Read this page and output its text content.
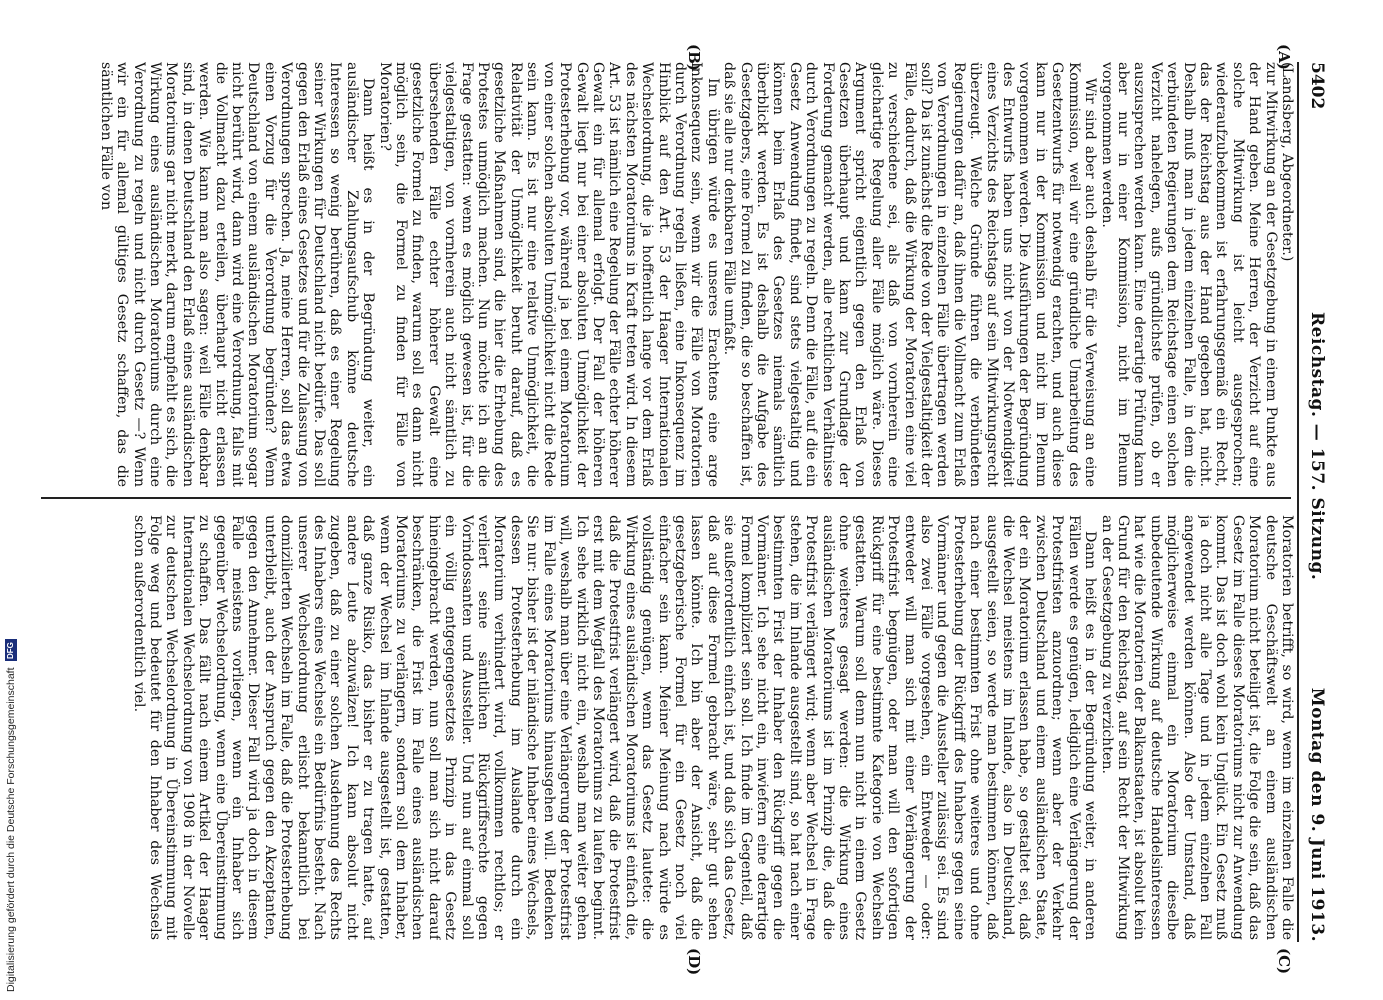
5402
Reichstag. — 157. Sitzung.
Montag den 9. Juni 1913.
(A)
(B)
(C)
(D)

(Landsberg, Abgeordneter.)

zur Mitwirkung an der Gesetzgebung in einem Punkte aus der Hand geben. Meine Herren, der Verzicht auf eine solche Mitwirkung ist leicht ausgesprochen; wiederaufzubekommen ist erfahrungsgemäß ein Recht, das der Reichstag aus der Hand gegeben hat, nicht. Deshalb muß man in jedem einzelnen Falle, in dem die verbündeten Regierungen dem Reichstage einen solchen Verzicht nahelegen, aufs gründlichste prüfen, ob er auszusprechen werden kann. Eine derartige Prüfung kann aber nur in einer Kommission, nicht im Plenum vorgenommen werden.

Wir sind aber auch deshalb für die Verweisung an eine Kommission, weil wir eine gründliche Umarbeitung des Gesetzentwurfs für notwendig erachten, und auch diese kann nur in der Kommission und nicht im Plenum vorgenommen werden. Die Ausführungen der Begründung des Entwurfs haben uns nicht von der Notwendigkeit eines Verzichts des Reichstags auf sein Mitwirkungsrecht überzeugt. Welche Gründe führen die verbündeten Regierungen dafür an, daß ihnen die Vollmacht zum Erlaß von Verordnungen in einzelnen Fälle übertragen werden soll? Da ist zunächst die Rede von der Vielgestaltigkeit der Fälle, dadurch, daß die Wirkung der Moratorien eine viel zu verschiedene sei, als daß von vornherein eine gleichartige Regelung aller Fälle möglich wäre. Dieses Argument spricht eigentlich gegen den Erlaß von Gesetzen überhaupt und kann zur Grundlage der Forderung gemacht werden, alle rechtlichen Verhältnisse durch Verordnungen zu regeln. Denn die Fälle, auf die ein Gesetz Anwendung findet, sind stets vielgestaltig und können beim Erlaß des Gesetzes niemals sämtlich überblickt werden. Es ist deshalb die Aufgabe des Gesetzgebers, eine Formel zu finden, die so beschaffen ist, daß sie alle nur denkbaren Fälle umfaßt.

Im übrigen würde es unseres Erachtens eine arge Inkonsequenz sein, wenn wir die Fälle von Moratorien durch Verordnung regeln ließen, eine Inkonsequenz im Hinblick auf den Art. 53 der Haager Internationalen Wechselordnung, die ja hoffentlich lange vor dem Erlaß des nächsten Moratoriums in Kraft treten wird. In diesem Art. 53 ist nämlich eine Regelung der Fälle echter höherer Gewalt ein für allemal erfolgt. Der Fall der höheren Gewalt liegt nur bei einer absoluten Unmöglichkeit der Protesterhebung vor, während ja bei einem Moratorium von einer solchen absoluten Unmöglichkeit nicht die Rede sein kann. Es ist nur eine relative Unmöglichkeit, die Relativität der Unmöglichkeit beruht darauf, daß es gesetzliche Maßnahmen sind, die hier die Erhebung des Protestes unmöglich machen. Nun möchte ich an die Frage gestatten: wenn es möglich gewesen ist, für die vielgestaltigen, von vornherein auch nicht sämtlich zu übersehenden Fälle echter höherer Gewalt eine gesetzliche Formel zu finden, warum soll es dann nicht möglich sein, die Formel zu finden für Fälle von Moratorien?

Dann heißt es in der Begründung weiter, ein ausländischer Zahlungsaufschub könne deutsche Interessen so wenig berühren, daß es einer Regelung seiner Wirkungen für Deutschland nicht bedürfe. Das soll gegen den Erlaß eines Gesetzes und für die Zulassung von Verordnungen sprechen. Ja, meine Herren, soll das etwa einen Vorzug für die Verordnung begründen? Wenn Deutschland von einem ausländischen Moratorium sogar nicht berührt wird, dann wird eine Verordnung, falls mit die Vollmacht dazu erteilen, überhaupt nicht erlassen werden. Wie kann man also sagen: weil Fälle denkbar sind, in denen Deutschland den Erlaß eines ausländischen Moratoriums gar nicht merkt, darum empfiehlt es sich, die Wirkung eines ausländischen Moratoriums durch eine Verordnung zu regeln und nicht durch Gesetz —? Wenn wir ein für allemal gültiges Gesetz schaffen, das die sämtlichen Fälle von

Moratorien betrifft, so wird, wenn im einzelnen Falle die deutsche Geschäftswelt an einem ausländischen Moratorium nicht beteiligt ist, die Folge die sein, daß das Gesetz im Falle dieses Moratoriums nicht zur Anwendung kommt. Das ist doch wohl kein Unglück. Ein Gesetz muß ja doch nicht alle Tage und in jedem einzelnen Fall angewendet werden können. Also der Umstand, daß möglicherweise einmal ein Moratorium dieselbe unbedeutende Wirkung auf deutsche Handelsinteressen hat wie die Moratorien der Balkanstaaten, ist absolut kein Grund für den Reichstag, auf sein Recht der Mitwirkung an der Gesetzgebung zu verzichten.

Dann heißt es in der Begründung weiter, in anderen Fällen werde es genügen, lediglich eine Verlängerung der Protestfristen anzuordnen; wenn aber der Verkehr zwischen Deutschland und einem ausländischen Staate, der ein Moratorium erlassen habe, so gestaltet sei, daß die Wechsel meistens im Inlande, also in Deutschland, ausgestellt seien, so werde man bestimmen können, daß nach einer bestimmten Frist ohne weiteres und ohne Protesterhebung der Rückgriff des Inhabers gegen seine Vormänner und gegen die Aussteller zulässig sei. Es sind also zwei Fälle vorgesehen, ein Entweder — oder: entweder will man sich mit einer Verlängerung der Protestfrist begnügen, oder man will den sofortigen Rückgriff für eine bestimmte Kategorie von Wechseln gestatten. Warum soll denn nun nicht in einem Gesetz ohne weiteres gesagt werden: die Wirkung eines ausländischen Moratoriums ist im Prinzip die, daß die Protestfrist verlängert wird; wenn aber Wechsel in Frage stehen, die im Inlande ausgestellt sind, so hat nach einer bestimmten Frist der Inhaber den Rückgriff gegen die Vormänner. Ich sehe nicht ein, inwiefern eine derartige Formel kompliziert sein soll. Ich finde im Gegenteil, daß sie außerordentlich einfach ist, und daß sich das Gesetz, daß auf diese Formel gebracht wäre, sehr gut sehen lassen könnte. Ich bin aber der Ansicht, daß die gesetzgeberische Formel für ein Gesetz noch viel einfacher sein kann. Meiner Meinung nach würde es vollständig genügen, wenn das Gesetz lautete: die Wirkung eines ausländischen Moratoriums ist einfach die, daß die Protestfrist verlängert wird, daß die Protestfrist erst mit dem Wegfall des Moratoriums zu laufen beginnt. Ich sehe wirklich nicht ein, weshalb man weiter gehen will, weshalb man über eine Verlängerung der Protestfrist im Falle eines Moratoriums hinausgehen will. Bedenken Sie nur: bisher ist der inländische Inhaber eines Wechsels, dessen Protesterhebung im Auslande durch ein Moratorium verhindert wird, vollkommen rechtlos; er verliert seine sämtlichen Rückgriffsrechte gegen Vorindossanten und Aussteller. Und nun auf einmal soll ein völlig entgegengesetztes Prinzip in das Gesetz hineingebracht werden, nun soll man sich nicht darauf beschränken, die Frist im Falle eines ausländischen Moratoriums zu verlängern, sondern soll dem Inhaber, wenn der Wechsel im Inlande ausgestellt ist, gestatten, daß ganze Risiko, das bisher er zu tragen hatte, auf andere Leute abzuwälzen! Ich kann absolut nicht zugeben, daß zu einer solchen Ausdehnung des Rechts des Inhabers eines Wechsels ein Bedürfnis besteht. Nach unserer Wechselordnung erlischt bekanntlich bei domizilierten Wechseln im Falle, daß die Protesterhebung unterbleibt, auch der Anspruch gegen den Akzeptanten, gegen den Annehmer. Dieser Fall wird ja doch in diesem Falle meistens vorliegen, wenn ein Inhaber sich gegenüber Wechselordnung, wenn eine Übereinstimmung zu schaffen. Das fällt nach einem Artikel der Haager Internationalen Wechselordnung von 1908 in der Novelle zur deutschen Wechselordnung in Übereinstimmung mit Folge weg und bedeutet für den Inhaber des Wechsels schon außerordentlich viel.

Digitalisierung gefördert durch die Deutsche Forschungsgemeinschaft
DFG
